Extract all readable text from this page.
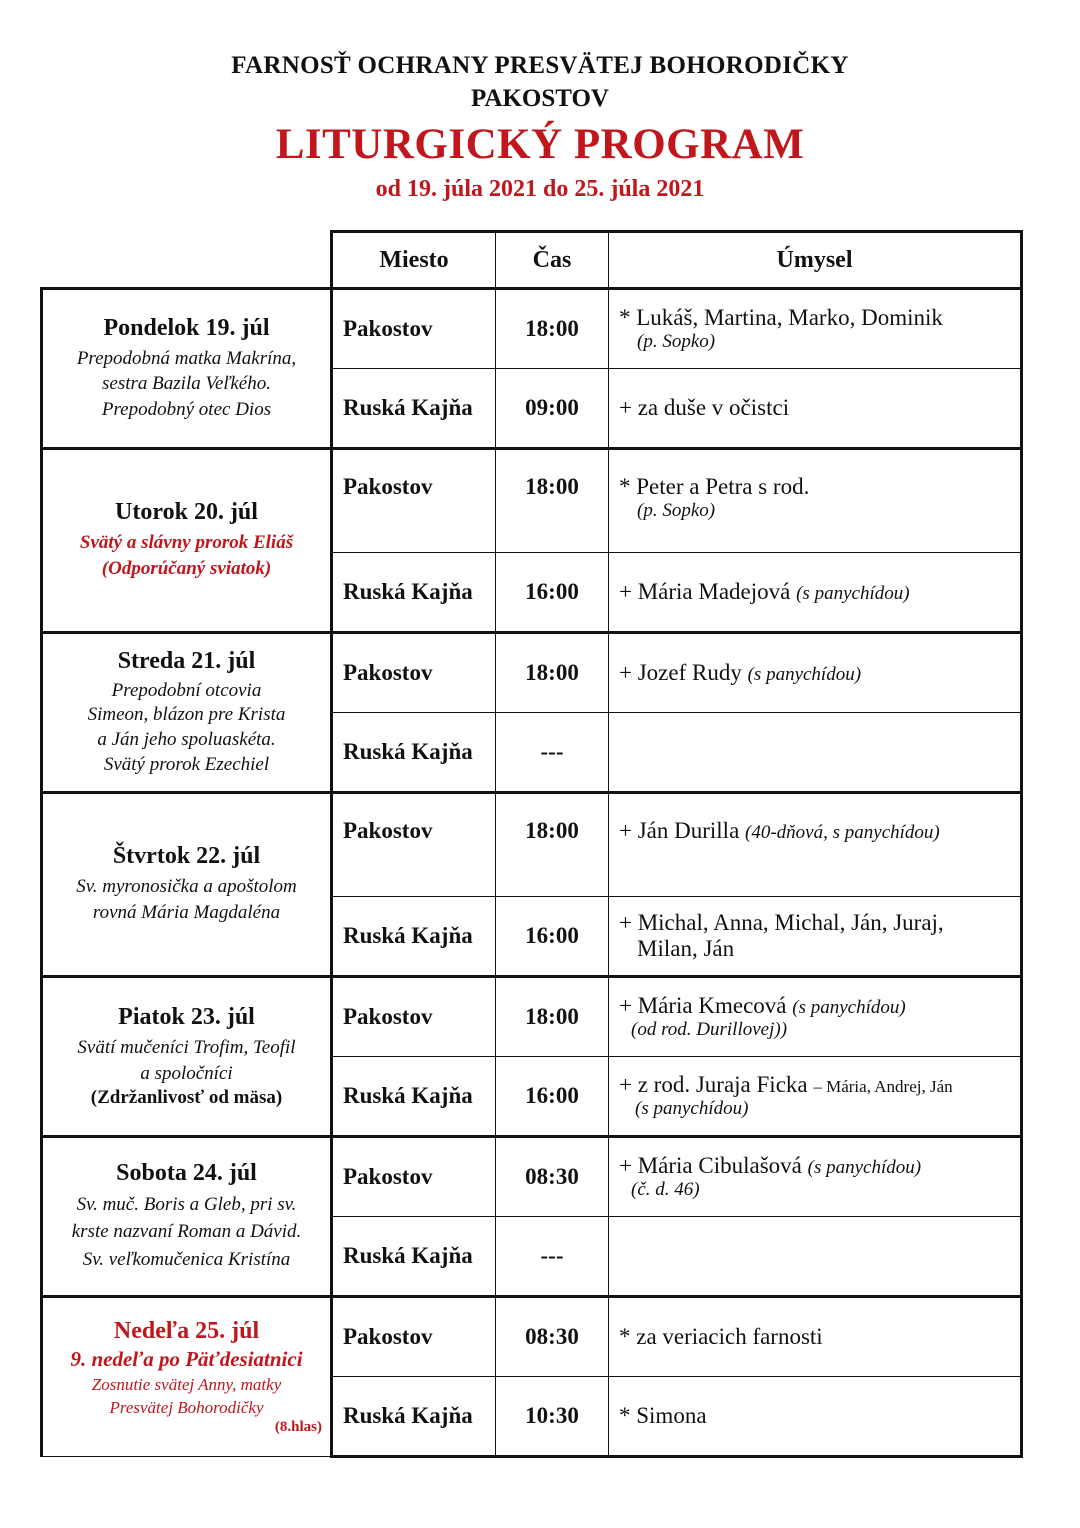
FARNOSŤ OCHRANY PRESVÄTEJ BOHORODIČKY
PAKOSTOV
LITURGICKÝ PROGRAM
od 19. júla 2021 do 25. júla 2021
	Miesto	Čas	Úmysel

Pondelok 19. júl
Prepodobná matka Makrína,
sestra Bazila Veľkého.
Prepodobný otec Dios	Pakostov	18:00	* Lukáš, Martina, Marko, Dominik
(p. Sopko)

	Ruská Kajňa	09:00	+ za duše v očistci

Utorok 20. júl
Svätý a slávny prorok Eliáš
(Odporúčaný sviatok)	Pakostov	18:00	* Peter a Petra s rod.
(p. Sopko)

	Ruská Kajňa	16:00	+ Mária Madejová (s panychídou)

Streda 21. júl
Prepodobní otcovia
Simeon, blázon pre Krista
a Ján jeho spoluaskéta.
Svätý prorok Ezechiel	Pakostov	18:00	+ Jozef Rudy (s panychídou)
	Ruská Kajňa	---	

Štvrtok 22. júl
Sv. myronosička a apoštolom
rovná Mária Magdaléna	Pakostov	18:00	+ Ján Durilla (40-dňová, s panychídou)
	Ruská Kajňa	16:00	+ Michal, Anna, Michal, Ján, Juraj,
Milan, Ján

Piatok 23. júl
Svätí mučeníci Trofim, Teofil
a spoločníci
(Zdržanlivosť od mäsa)	Pakostov	18:00	+ Mária Kmecová (s panychídou)
(od rod. Durillovej))

	Ruská Kajňa	16:00	+ z rod. Juraja Ficka – Mária, Andrej, Ján
(s panychídou)

Sobota 24. júl
Sv. muč. Boris a Gleb, pri sv.
krste nazvaní Roman a Dávid.
Sv. veľkomučenica Kristína	Pakostov	08:30	+ Mária Cibulašová (s panychídou)
(č. d. 46)

	Ruská Kajňa	---	

Nedeľa 25. júl
9. nedeľa po Päťdesiatnici
Zosnutie svätej Anny, matky
Presvätej Bohorodičky
(8.hlas)	Pakostov	08:30	* za veriacich farnosti
	Ruská Kajňa	10:30	* Simona
